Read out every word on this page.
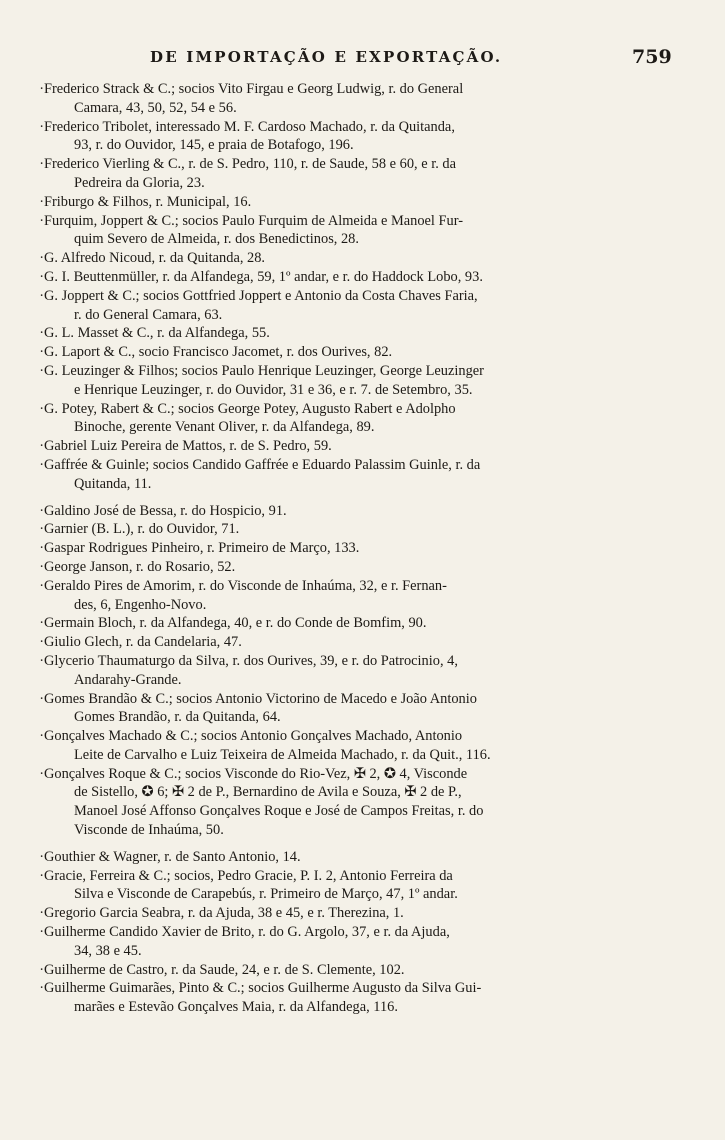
DE IMPORTAÇÃO E EXPORTAÇÃO.	759
·Frederico Strack & C.; socios Vito Firgau e Georg Ludwig, r. do General

Camara, 43, 50, 52, 54 e 56.
·Frederico Tribolet, interessado M. F. Cardoso Machado, r. da Quitanda,

93, r. do Ouvidor, 145, e praia de Botafogo, 196.
·Frederico Vierling & C., r. de S. Pedro, 110, r. de Saude, 58 e 60, e r. da

Pedreira da Gloria, 23.
·Friburgo & Filhos, r. Municipal, 16.
·Furquim, Joppert & C.; socios Paulo Furquim de Almeida e Manoel Fur-

quim Severo de Almeida, r. dos Benedictinos, 28.
·G. Alfredo Nicoud, r. da Quitanda, 28.
·G. I. Beuttenmüller, r. da Alfandega, 59, 1º andar, e r. do Haddock Lobo, 93.
·G. Joppert & C.; socios Gottfried Joppert e Antonio da Costa Chaves Faria,

r. do General Camara, 63.
·G. L. Masset & C., r. da Alfandega, 55.
·G. Laport & C., socio Francisco Jacomet, r. dos Ourives, 82.
·G. Leuzinger & Filhos; socios Paulo Henrique Leuzinger, George Leuzinger

e Henrique Leuzinger, r. do Ouvidor, 31 e 36, e r. 7. de Setembro, 35.
·G. Potey, Rabert & C.; socios George Potey, Augusto Rabert e Adolpho

Binoche, gerente Venant Oliver, r. da Alfandega, 89.
·Gabriel Luiz Pereira de Mattos, r. de S. Pedro, 59.
·Gaffrée & Guinle; socios Candido Gaffrée e Eduardo Palassim Guinle, r. da

Quitanda, 11.
·Galdino José de Bessa, r. do Hospicio, 91.
·Garnier (B. L.), r. do Ouvidor, 71.
·Gaspar Rodrigues Pinheiro, r. Primeiro de Março, 133.
·George Janson, r. do Rosario, 52.
·Geraldo Pires de Amorim, r. do Visconde de Inhaúma, 32, e r. Fernan-

des, 6, Engenho-Novo.
·Germain Bloch, r. da Alfandega, 40, e r. do Conde de Bomfim, 90.
·Giulio Glech, r. da Candelaria, 47.
·Glycerio Thaumaturgo da Silva, r. dos Ourives, 39, e r. do Patrocinio, 4,

Andarahy-Grande.
·Gomes Brandão & C.; socios Antonio Victorino de Macedo e João Antonio

Gomes Brandão, r. da Quitanda, 64.
·Gonçalves Machado & C.; socios Antonio Gonçalves Machado, Antonio

Leite de Carvalho e Luiz Teixeira de Almeida Machado, r. da Quit., 116.
·Gonçalves Roque & C.; socios Visconde do Rio-Vez, ✠ 2, ✪ 4, Visconde

de Sistello, ✪ 6; ✠ 2 de P., Bernardino de Avila e Souza, ✠ 2 de P.,
Manoel José Affonso Gonçalves Roque e José de Campos Freitas, r. do
Visconde de Inhaúma, 50.
·Gouthier & Wagner, r. de Santo Antonio, 14.
·Gracie, Ferreira & C.; socios, Pedro Gracie, P. I. 2, Antonio Ferreira da

Silva e Visconde de Carapebús, r. Primeiro de Março, 47, 1º andar.
·Gregorio Garcia Seabra, r. da Ajuda, 38 e 45, e r. Therezina, 1.
·Guilherme Candido Xavier de Brito, r. do G. Argolo, 37, e r. da Ajuda,

34, 38 e 45.
·Guilherme de Castro, r. da Saude, 24, e r. de S. Clemente, 102.
·Guilherme Guimarães, Pinto & C.; socios Guilherme Augusto da Silva Gui-

marães e Estevão Gonçalves Maia, r. da Alfandega, 116.
